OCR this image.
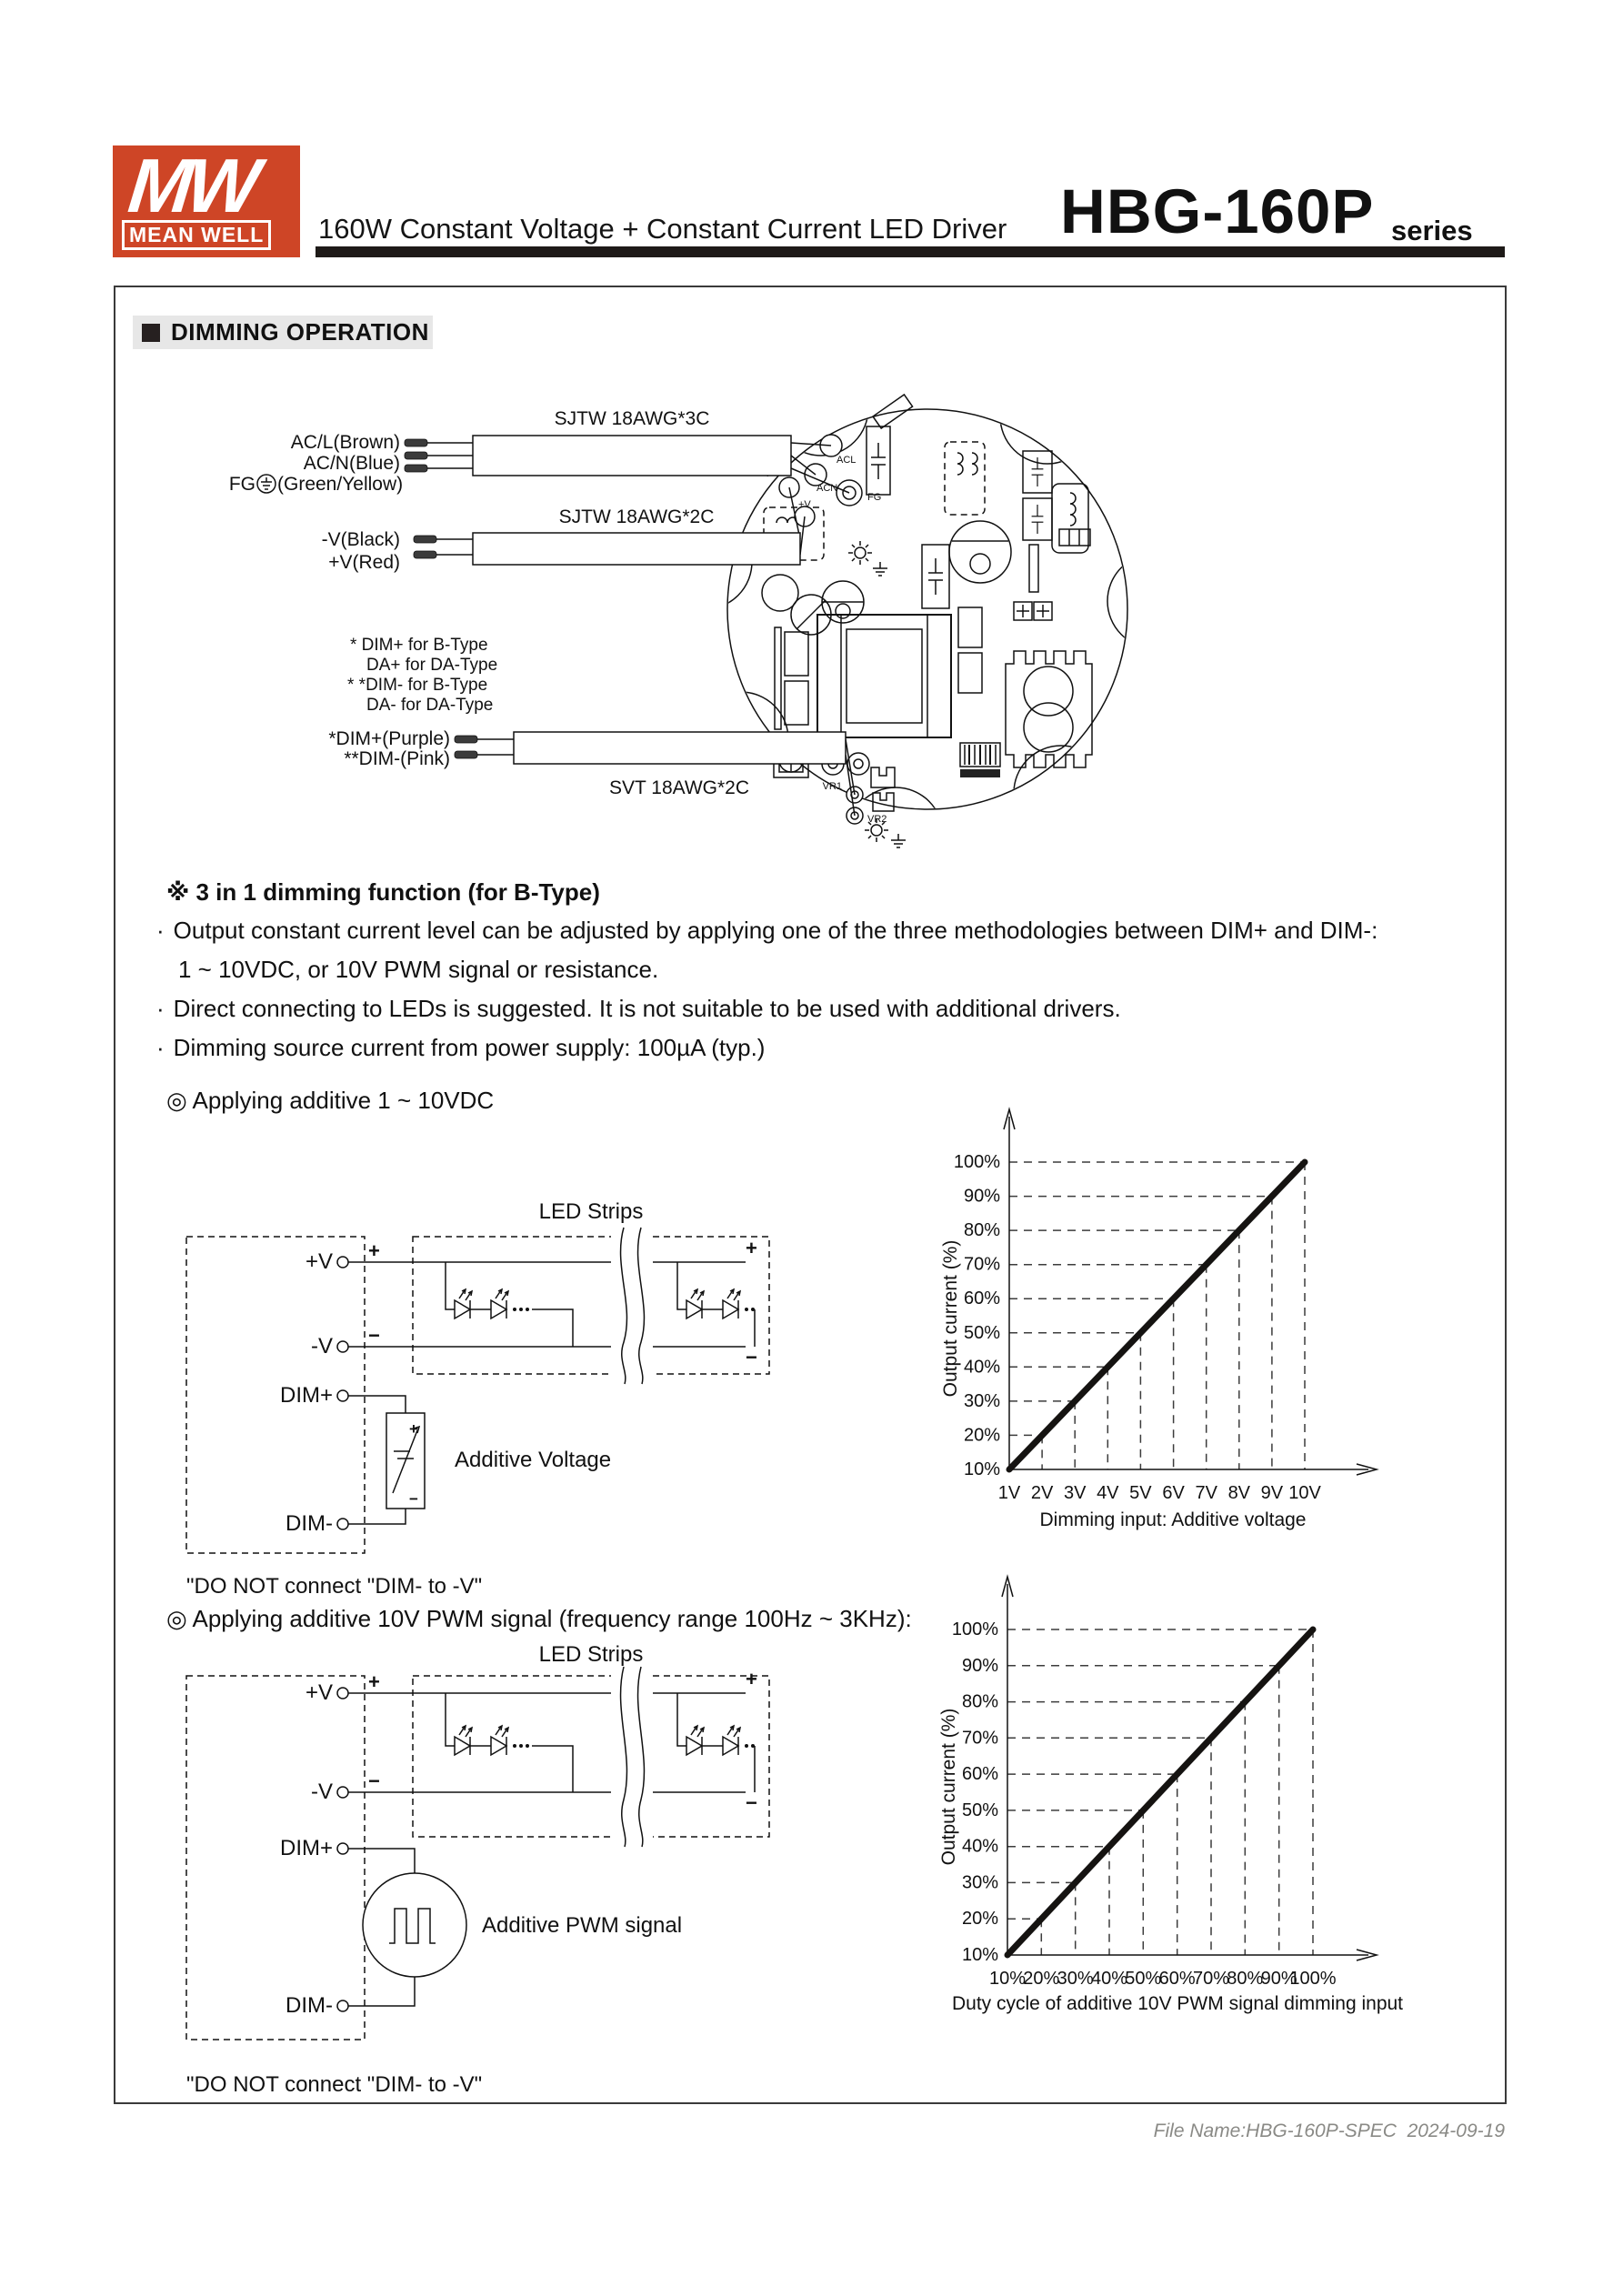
MW
MEAN WELL 160W Constant Voltage + Constant Current LED Driver HBG-160P series
DIMMING OPERATION
ACL
ACN
FG
+V
VR1
VR2
SJTW 18AWG*3C
AC/L(Brown)
AC/N(Blue)
FG (Green/Yellow)
SJTW 18AWG*2C
-V(Black)
+V(Red)
* DIM+ for B-Type
DA+ for DA-Type
* *DIM- for B-Type
DA- for DA-Type
SVT 18AWG*2C
*DIM+(Purple)
**DIM-(Pink)
※ 3 in 1 dimming function (for B-Type)
· Output constant current level can be adjusted by applying one of the three methodologies between DIM+ and DIM-:
1 ~ 10VDC, or 10V PWM signal or resistance.
· Direct connecting to LEDs is suggested. It is not suitable to be used with additional drivers.
· Dimming source current from power supply: 100µA (typ.)
◎ Applying additive 1 ~ 10VDC
LED Strips
+V
-V
DIM+
DIM-
+
−
+
−
+
−
Additive Voltage
"DO NOT connect "DIM- to -V"
100%
90%
80%
70%
60%
50%
40%
30%
20%
10%
1V 2V 3V 4V 5V 6V 7V 8V 9V 10V
Output current (%)
Dimming input: Additive voltage
◎ Applying additive 10V PWM signal (frequency range 100Hz ~ 3KHz):
LED Strips
+V
-V
DIM+
DIM-
+
−
+
−
Additive PWM signal
"DO NOT connect "DIM- to -V"
100%
90%
80%
70%
60%
50%
40%
30%
20%
10%
10%
20%
30%
40%
50%
60%
70%
80%
90%
100%
Output current (%)
Duty cycle of additive 10V PWM signal dimming input
File Name:HBG-160P-SPEC  2024-09-19
